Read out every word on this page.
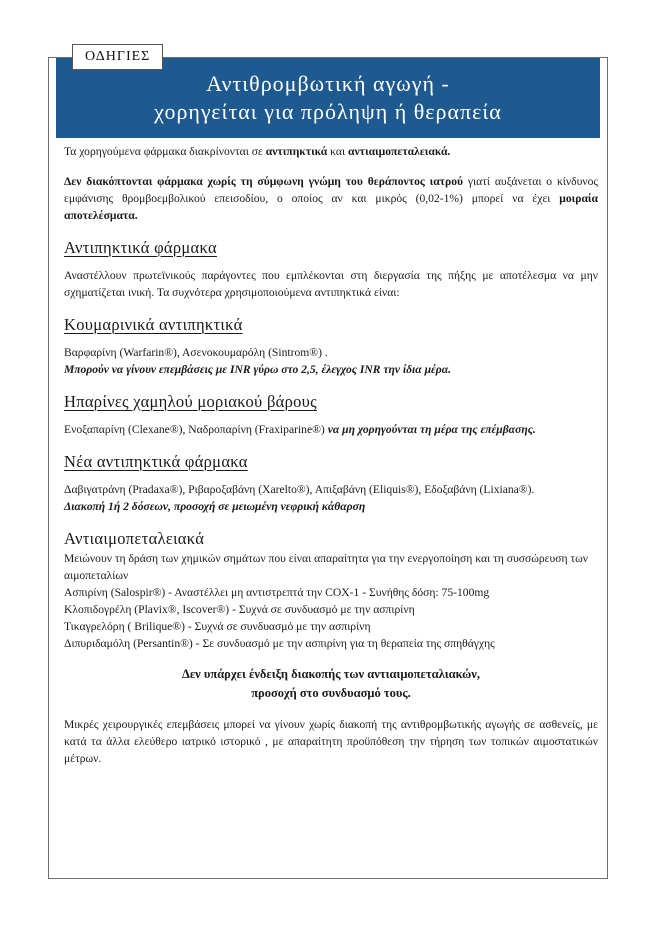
ΟΔΗΓΙΕΣ
Αντιθρομβωτική αγωγή -
χορηγείται για πρόληψη ή θεραπεία

Τα χορηγούμενα φάρμακα διακρίνονται σε αντιπηκτικά και αντιαιμοπεταλειακά.

Δεν διακόπτονται φάρμακα χωρίς τη σύμφωνη γνώμη του θεράποντος ιατρού γιατί αυξάνεται ο κίνδυνος εμφάνισης θρομβοεμβολικού επεισοδίου, ο οποίος αν και μικρός (0,02-1%) μπορεί να έχει μοιραία αποτελέσματα.

Αντιπηκτικά φάρμακα

Αναστέλλουν πρωτεϊνικούς παράγοντες που εμπλέκονται στη διεργασία της πήξης με αποτέλεσμα να μην σχηματίζεται ινική. Τα συχνότερα χρησιμοποιούμενα αντιπηκτικά είναι:

Κουμαρινικά αντιπηκτικά

Βαρφαρίνη (Warfarin®), Ασενοκουμαρόλη (Sintrom®) .

Μπορούν να γίνουν επεμβάσεις με INR γύρω στο 2,5, έλεγχος INR την ίδια μέρα.

Ηπαρίνες χαμηλού μοριακού βάρους

Ενοξαπαρίνη (Clexane®), Ναδροπαρίνη (Fraxiparine®) να μη χορηγούνται τη μέρα της επέμβασης.

Νέα αντιπηκτικά φάρμακα

Δαβιγατράνη (Pradaxa®), Ριβαροξαβάνη (Xarelto®), Απιξαβάνη (Eliquis®), Εδοξαβάνη (Lixiana®).

Διακοπή 1ή 2 δόσεων, προσοχή σε μειωμένη νεφρική κάθαρση

Αντιαιμοπεταλειακά

Μειώνουν τη δράση των χημικών σημάτων που είναι απαραίτητα για την ενεργοποίηση και τη συσσώρευση των αιμοπεταλίων

Ασπιρίνη (Salospir®) - Αναστέλλει μη αντιστρεπτά την COX-1 - Συνήθης δόση: 75-100mg

Κλοπιδογρέλη (Plavix®, Iscover®) - Συχνά σε συνδυασμό με την ασπιρίνη

Τικαγρελόρη ( Brilique®) - Συχνά σε συνδυασμό με την ασπιρίνη

Διπυριδαμόλη (Persantin®) - Σε συνδυασμό με την ασπιρίνη για τη θεραπεία της σπηθάγχης

Δεν υπάρχει ένδειξη διακοπής των αντιαιμοπεταλιακών,

προσοχή στο συνδυασμό τους.

Μικρές χειρουργικές επεμβάσεις μπορεί να γίνουν χωρίς διακοπή της αντιθρομβωτικής αγωγής σε ασθενείς, με κατά τα άλλα ελεύθερο ιατρικό ιστορικό , με απαραίτητη προϋπόθεση την τήρηση των τοπικών αιμοστατικών μέτρων.
